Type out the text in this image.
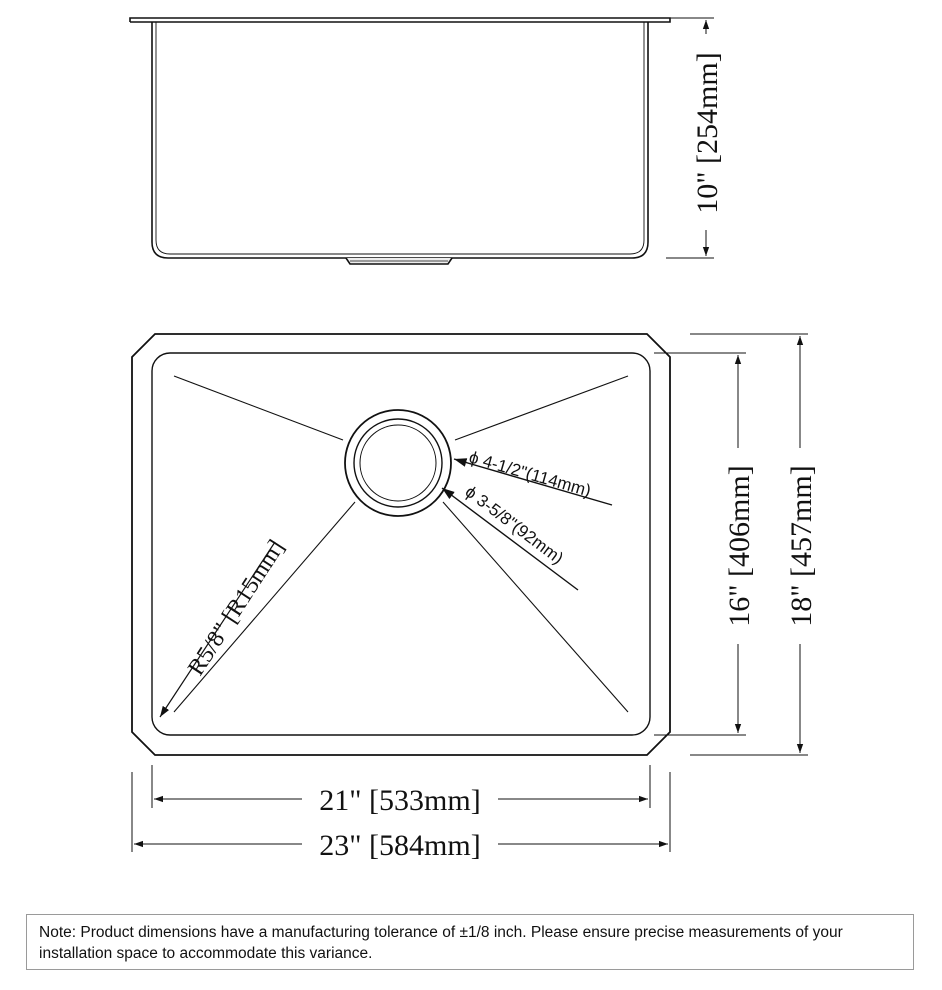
10" [254mm]
16" [406mm] 18" [457mm]
21" [533mm]
23" [584mm]
R5/8" [R15mm]
ϕ 4-1/2"(114mm)
ϕ 3-5/8"(92mm)
Note: Product dimensions have a manufacturing tolerance of ±1/8 inch. Please ensure precise measurements of your installation space to accommodate this variance.
